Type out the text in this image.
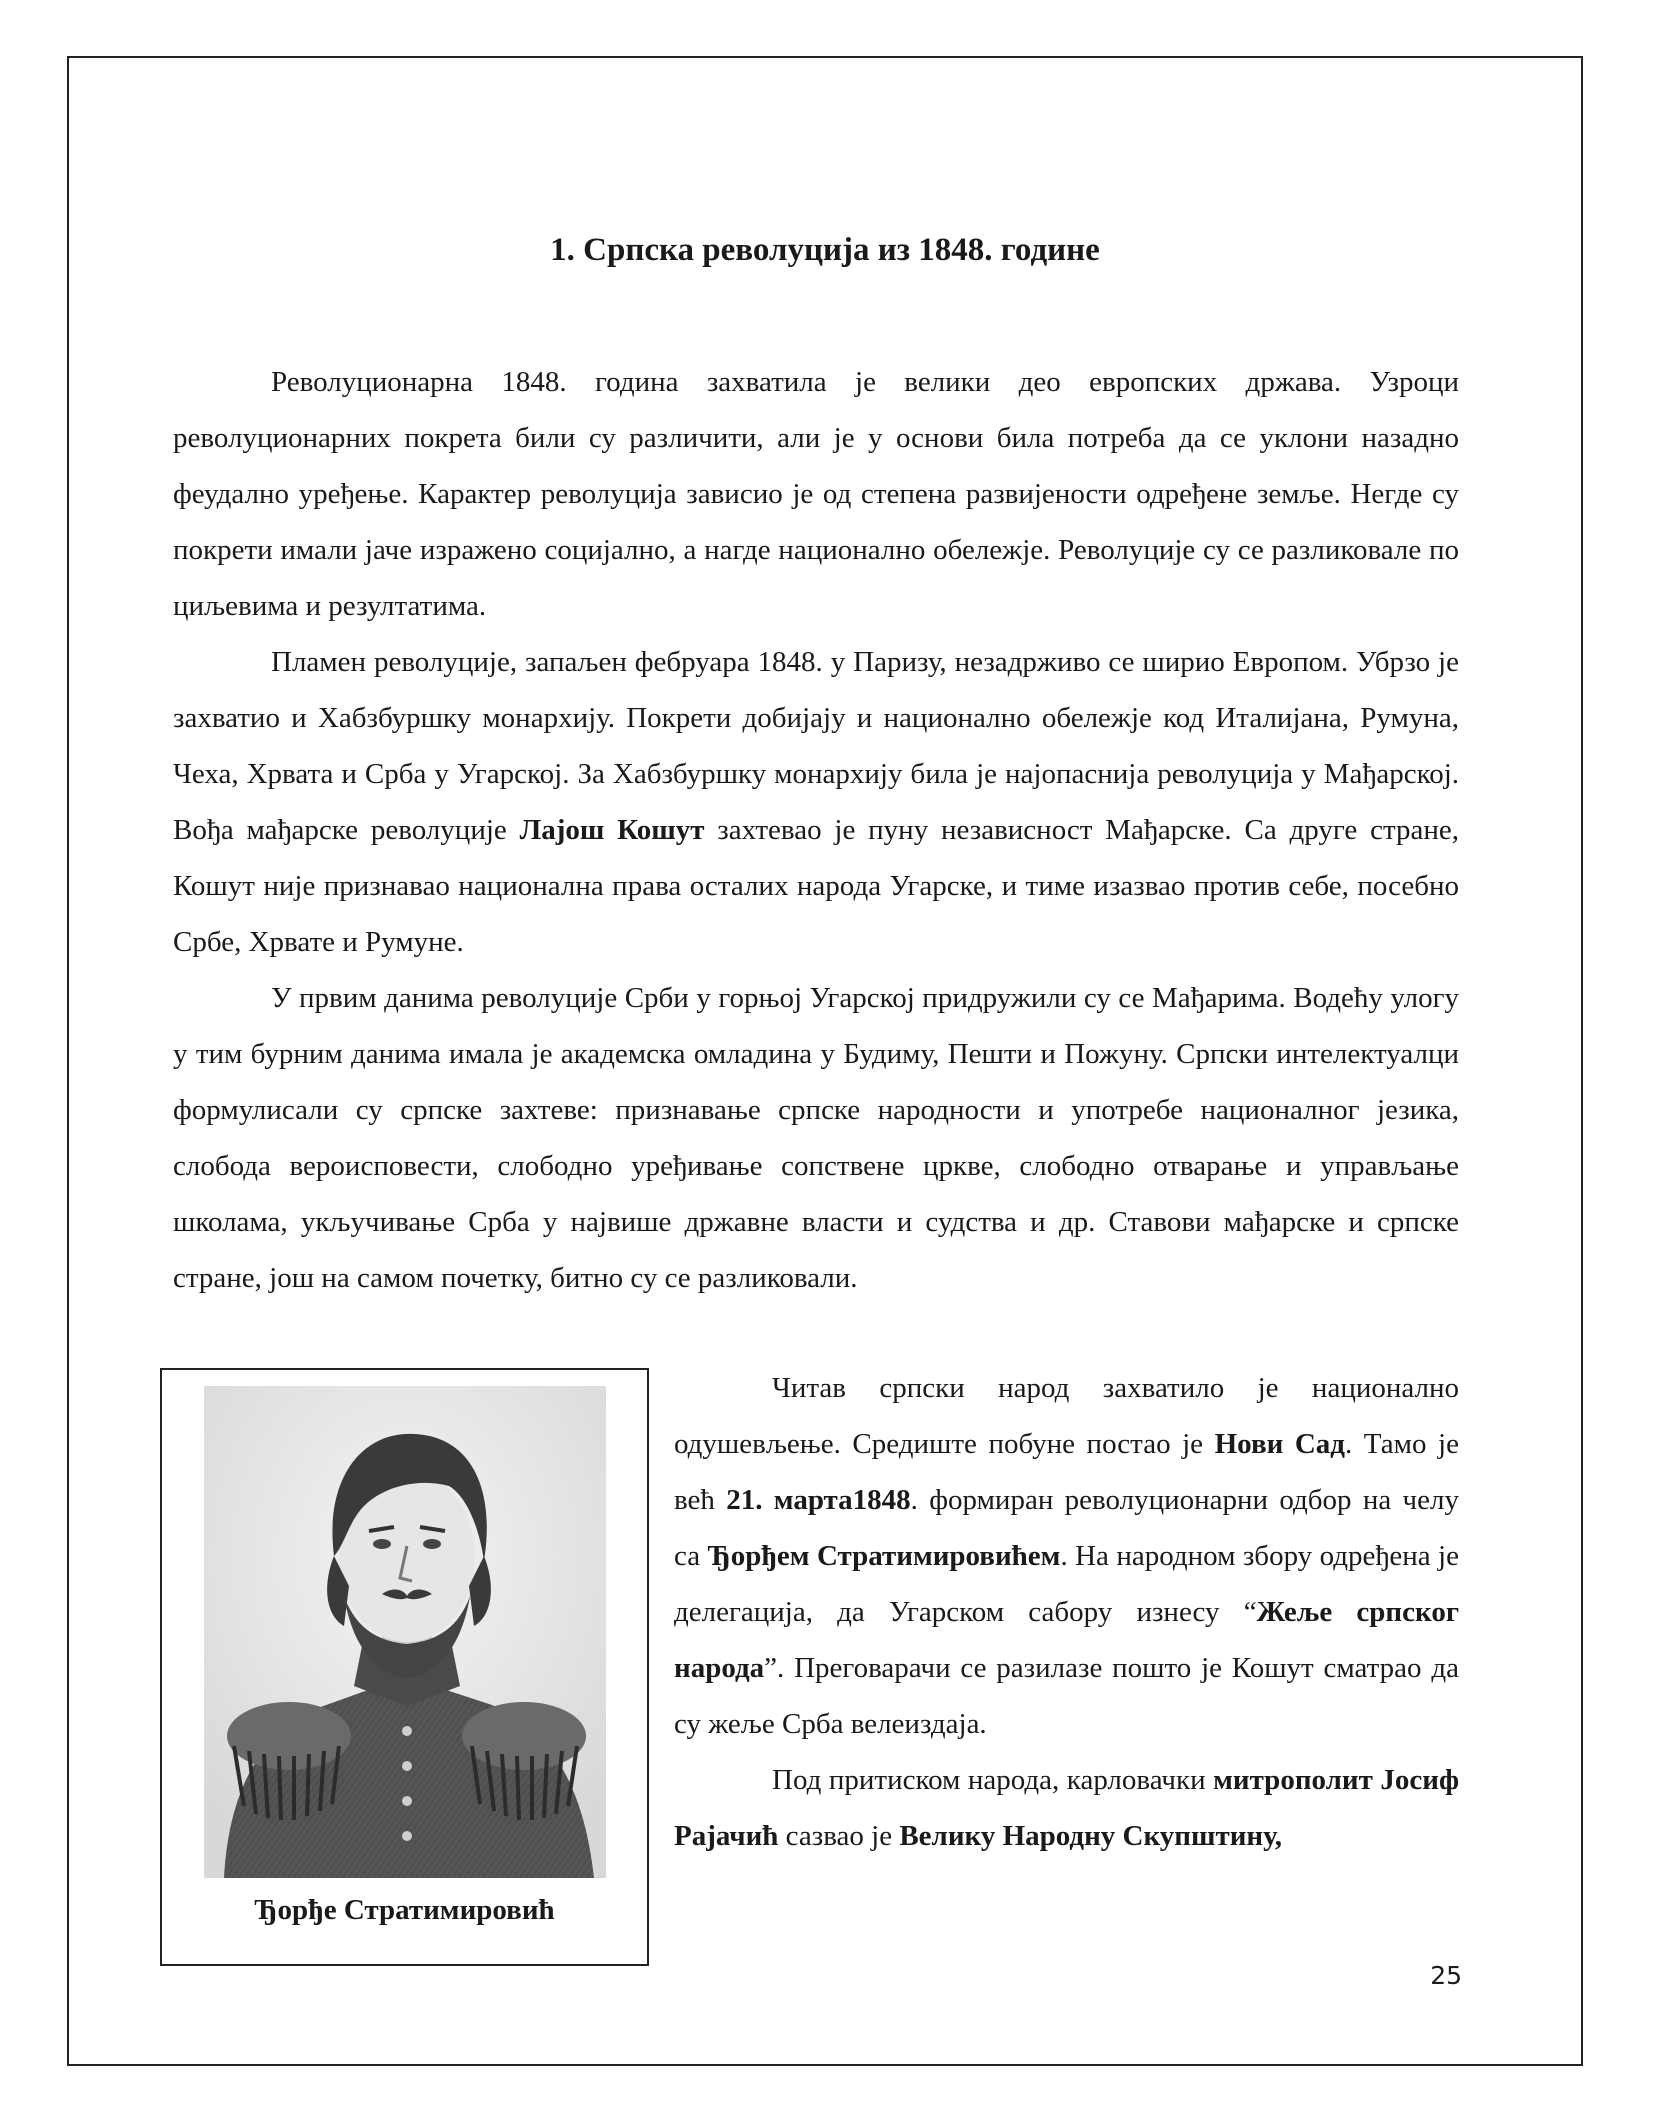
1. Српска револуција из 1848. године

Револуционарна 1848. година захватила је велики део европских држава. Узроци револуционарних покрета били су различити, али је у основи била потреба да се уклони назадно феудално уређење. Карактер револуција зависио је од степена развијености одређене земље. Негде су покрети имали јаче изражено социјално, а нагде национално обележје. Револуције су се разликовале по циљевима и резултатима.

Пламен револуције, запаљен фебруара 1848. у Паризу, незадрживо се ширио Европом. Убрзо је захватио и Хабзбуршку монархију. Покрети добијају и национално обележје код Италијана, Румуна, Чеха, Хрвата и Срба у Угарској. За Хабзбуршку монархију била је најопаснија револуција у Мађарској. Вођа мађарске револуције Лајош Кошут захтевао је пуну независност Мађарске. Са друге стране, Кошут није признавао национална права осталих народа Угарске, и тиме изазвао против себе, посебно Србе, Хрвате и Румуне.

У првим данима револуције Срби у горњој Угарској придружили су се Мађарима. Водећу улогу у тим бурним данима имала је академска омладина у Будиму, Пешти и Пожуну. Српски интелектуалци формулисали су српске захтеве: признавање српске народности и употребе националног језика, слобода вероисповести, слободно уређивање сопствене цркве, слободно отварање и управљање школама, укључивање Срба у највише државне власти и судства и др. Ставови мађарске и српске стране, још на самом почетку, битно су се разликовали.

Ђорђе Стратимировић

Читав српски народ захватило је национално одушевљење. Средиште побуне постао је Нови Сад. Тамо је већ 21. марта1848. формиран револуционарни одбор на челу са Ђорђем Стратимировићем. На народном збору одређена је делегација, да Угарском сабору изнесу “Жеље српског народа”. Преговарачи се разилазе пошто је Кошут сматрао да су жеље Срба велеиздаја.

Под притиском народа, карловачки митрополит Јосиф Рајачић сазвао је Велику Народну Скупштину,

25
